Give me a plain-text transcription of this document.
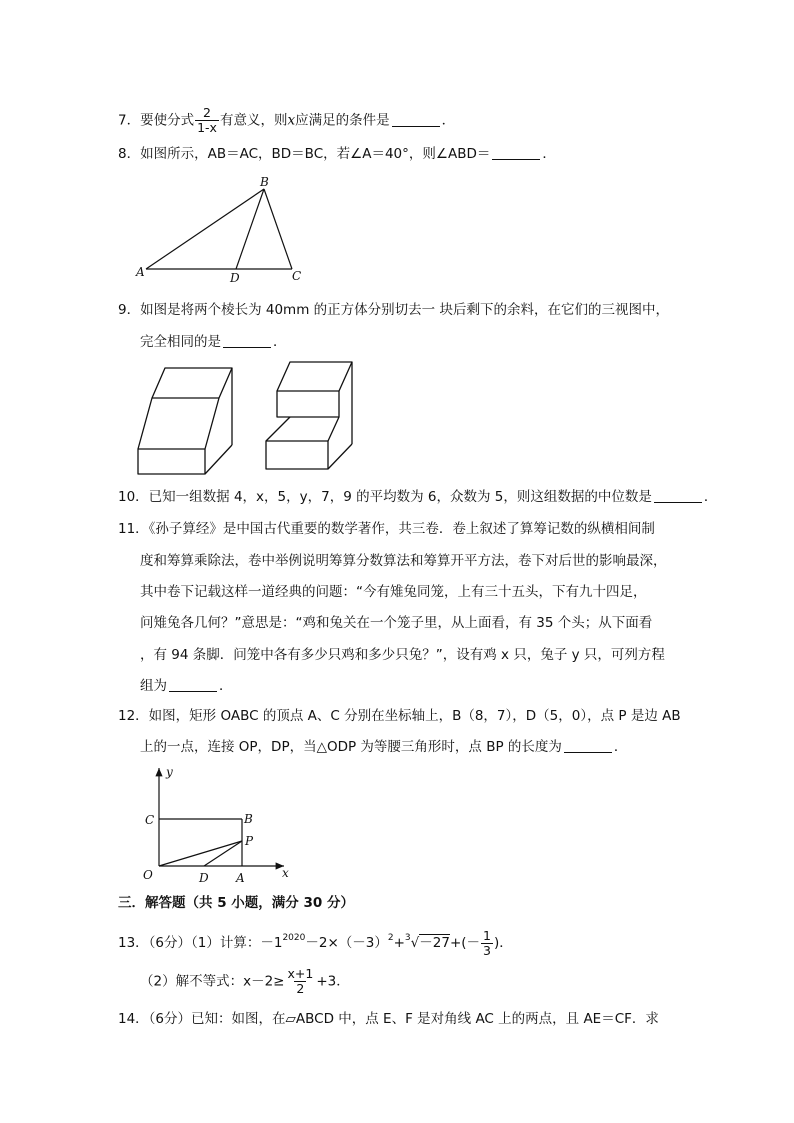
7．要使分式 $\frac{2}{1-x}$ 有意义，则x应满足的条件是	．
8．如图所示，AB＝AC，BD＝BC，若∠A＝40°，则∠ABD＝	．
B
A	D	C
9．如图是将两个棱长为 40mm 的正方体分别切去一 块后剩下的余料，在它们的三视图中，
完全相同的是	．
10．已知一组数据 4，x，5，y，7，9 的平均数为 6，众数为 5，则这组数据的中位数是	．
11．《孙子算经》是中国古代重要的数学著作，共三卷．卷上叙述了算筹记数的纵横相间制
度和筹算乘除法，卷中举例说明筹算分数算法和筹算开平方法，卷下对后世的影响最深，
其中卷下记载这样一道经典的问题：“今有雉兔同笼，上有三十五头，下有九十四足，
问雉兔各几何？”意思是：“鸡和兔关在一个笼子里，从上面看，有 35 个头；从下面看
，有 94 条脚．问笼中各有多少只鸡和多少只兔？”，设有鸡 x 只，兔子 y 只，可列方程
组为	．
12．如图，矩形 OABC 的顶点 A、C 分别在坐标轴上，B（8，7），D（5，0），点 P 是边 AB
上的一点，连接 OP，DP，当△ODP 为等腰三角形时，点 BP 的长度为	．
y
x
C	B
P
O	D A
三．解答题（共 5 小题，满分 30 分）
13．（6分）（1）计算：$-1^{2020}-2\times(-3)^2+^3√-27+(- \frac{1}{3}$ )．
（2）解不等式：$x-2\ge \frac{x+1}{2} +3$．
14．（6分）已知：如图，在▱ABCD 中，点 E、F 是对角线 AC 上的两点，且 AE＝CF．求
